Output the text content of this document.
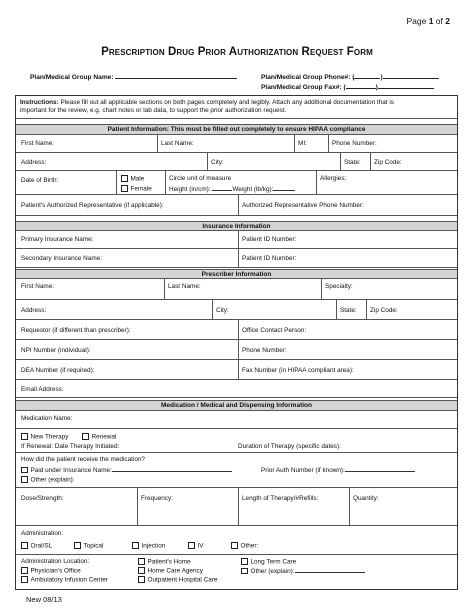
Page 1 of 2
Prescription Drug Prior Authorization Request Form
Plan/Medical Group Name:	Plan/Medical Group Phone#: (	)
Plan/Medical Group Fax#: (	)
Instructions: Please fill out all applicable sections on both pages completely and legibly. Attach any additional documentation that is
important for the review, e.g. chart notes or lab data, to support the prior authorization request.
Patient Information: This must be filled out completely to ensure HIPAA compliance
First Name:	Last Name:	MI:	Phone Number:
Address:	City:	State: Zip Code:
Date of Birth:	Male
Female
Circle unit of measure
Height (in/cm):	Weight (lb/kg):
Allergies:
Patient's Authorized Representative (if applicable):	Authorized Representative Phone Number:
Insurance Information
Primary Insurance Name:	Patient ID Number:
Secondary Insurance Name:	Patient ID Number:
Prescriber Information
First Name:	Last Name:	Specialty:
Address:	City:	State: Zip Code:
Requestor (if different than prescriber):	Office Contact Person:
NPI Number (individual):	Phone Number:
DEA Number (if required):	Fax Number (in HIPAA compliant area):
Email Address:
Medication / Medical and Dispensing Information
Medication Name:
New Therapy	Renewal
If Renewal: Date Therapy Initiated:	Duration of Therapy (specific dates):
How did the patient receive the medication?
Paid under Insurance Name:	Prior Auth Number (if known):
Other (explain):
Dose/Strength:	Frequency:	Length of Therapy/#Refills:	Quantity:
Administration:
Oral/SL	Topical	Injection	IV	Other:
Administration Location:
Physician's Office
Ambulatory Infusion Center
Patient's Home
Home Care Agency
Outpatient Hospital Care
Long Term Care
Other (explain):
New 08/13
